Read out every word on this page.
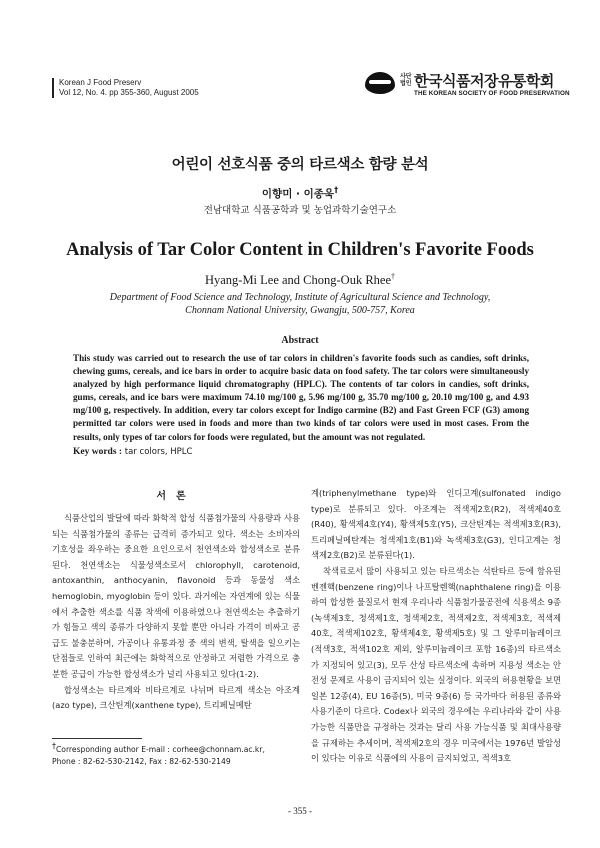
Korean J Food Preserv
Vol 12, No. 4. pp 355-360, August 2005
사단법인 한국식품저장유통학회
THE KOREAN SOCIETY OF FOOD PRESERVATION
어린이 선호식품 중의 타르색소 함량 분석
이향미 · 이종욱†
전남대학교 식품공학과 및 농업과학기술연구소
Analysis of Tar Color Content in Children's Favorite Foods
Hyang-Mi Lee and Chong-Ouk Rhee†
Department of Food Science and Technology, Institute of Agricultural Science and Technology,
Chonnam National University, Gwangju, 500-757, Korea
Abstract
This study was carried out to research the use of tar colors in children's favorite foods such as candies, soft drinks, chewing gums, cereals, and ice bars in order to acquire basic data on food safety. The tar colors were simultaneously analyzed by high performance liquid chromatography (HPLC). The contents of tar colors in candies, soft drinks, gums, cereals, and ice bars were maximum 74.10 mg/100 g, 5.96 mg/100 g, 35.70 mg/100 g, 20.10 mg/100 g, and 4.93 mg/100 g, respectively. In addition, every tar colors except for Indigo carmine (B2) and Fast Green FCF (G3) among permitted tar colors were used in foods and more than two kinds of tar colors were used in most cases. From the results, only types of tar colors for foods were regulated, but the amount was not regulated.
Key words : tar colors, HPLC
서론

식품산업의 발달에 따라 화학적 합성 식품첨가물의 사용량과 사용되는 식품첨가물의 종류는 급격히 증가되고 있다. 색소는 소비자의 기호성을 좌우하는 중요한 요인으로서 천연색소와 합성색소로 분류된다. 천연색소는 식물성색소로서 chlorophyll, carotenoid, antoxanthin, anthocyanin, flavonoid 등과 동물성 색소 hemoglobin, myoglobin 등이 있다. 과거에는 자연계에 있는 식물에서 추출한 색소를 식품 착색에 이용하였으나 천연색소는 추출하기가 힘들고 색의 종류가 다양하지 못할 뿐만 아니라 가격이 비싸고 공급도 불충분하며, 가공이나 유통과정 중 색의 변색, 탈색을 일으키는 단점들로 인하여 최근에는 화학적으로 안정하고 저렴한 가격으로 충분한 공급이 가능한 합성색소가 널리 사용되고 있다(1-2).

합성색소는 타르계와 비타르계로 나뉘며 타르계 색소는 아조계(azo type), 크산틴계(xanthene type), 트리페닐메탄

계(triphenylmethane type)와 인디고계(sulfonated indigo type)로 분류되고 있다. 아조계는 적색제2호(R2), 적색제40호(R40), 황색제4호(Y4), 황색제5호(Y5), 크산틴계는 적색제3호(R3), 트리페닐메탄계는 청색제1호(B1)와 녹색제3호(G3), 인디고계는 청색제2호(B2)로 분류된다(1).

착색료로서 많이 사용되고 있는 타르색소는 석탄타르 등에 함유된 벤젠핵(benzene ring)이나 나프탈렌핵(naphthalene ring)을 이용하여 합성한 물질로서 현재 우리나라 식품첨가물공전에 식용색소 9종 (녹색제3호, 청색제1호, 청색제2호, 적색제2호, 적색제3호, 적색제40호, 적색제102호, 황색제4호, 황색제5호) 및 그 알루미늄레이크(적색3호, 적색102호 제외, 알루미늄레이크 포함 16종)의 타르색소가 지정되어 있고(3), 모두 산성 타르색소에 속하며 지용성 색소는 안전성 문제로 사용이 금지되어 있는 실정이다. 외국의 허용현황을 보면 일본 12종(4), EU 16종(5), 미국 9종(6) 등 국가마다 허용된 종류와 사용기준이 다르다. Codex나 외국의 경우에는 우리나라와 같이 사용 가능한 식품만을 규정하는 것과는 달리 사용 가능식품 및 최대사용량을 규제하는 추세이며, 적색제2호의 경우 미국에서는 1976년 발암성이 있다는 이유로 식품에의 사용이 금지되었고, 적색3호

†Corresponding author E-mail : corhee@chonnam.ac.kr,
Phone : 82-62-530-2142, Fax : 82-62-530-2149
- 355 -
